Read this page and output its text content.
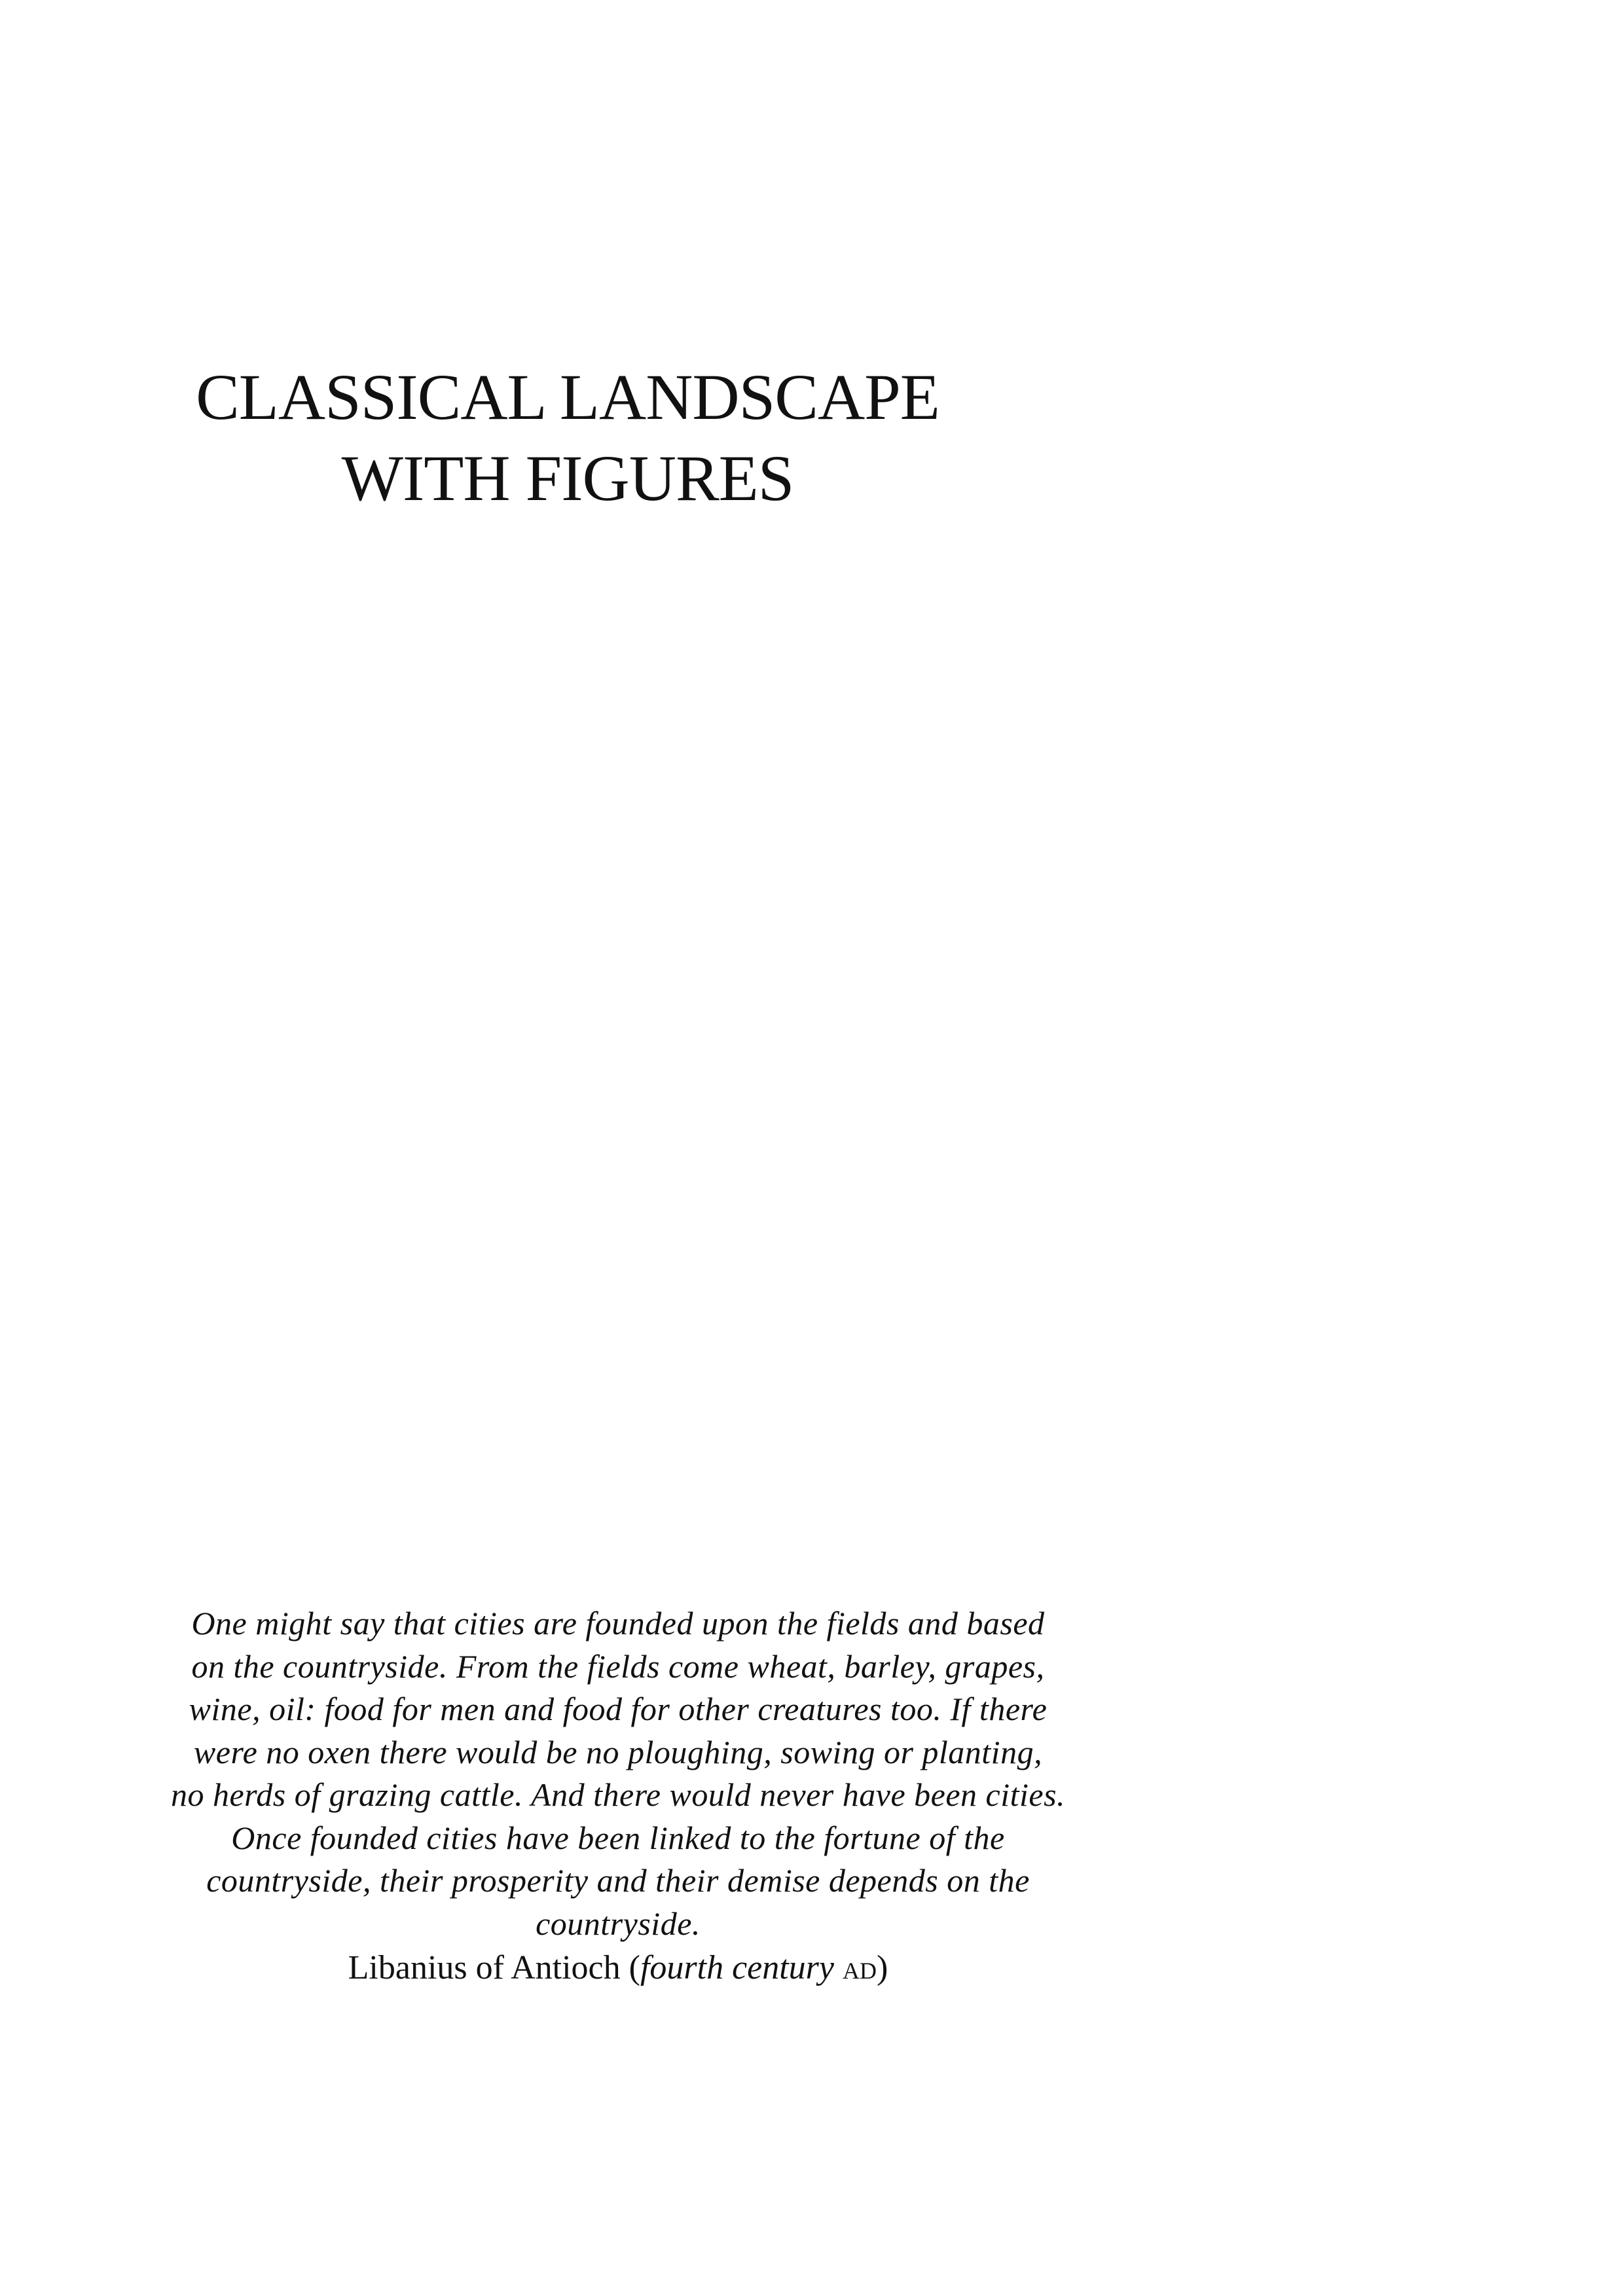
CLASSICAL LANDSCAPE
WITH FIGURES
One might say that cities are founded upon the fields and based
on the countryside. From the fields come wheat, barley, grapes,
wine, oil: food for men and food for other creatures too. If there
were no oxen there would be no ploughing, sowing or planting,
no herds of grazing cattle. And there would never have been cities.
Once founded cities have been linked to the fortune of the
countryside, their prosperity and their demise depends on the
countryside.
Libanius of Antioch (fourth century ad)
